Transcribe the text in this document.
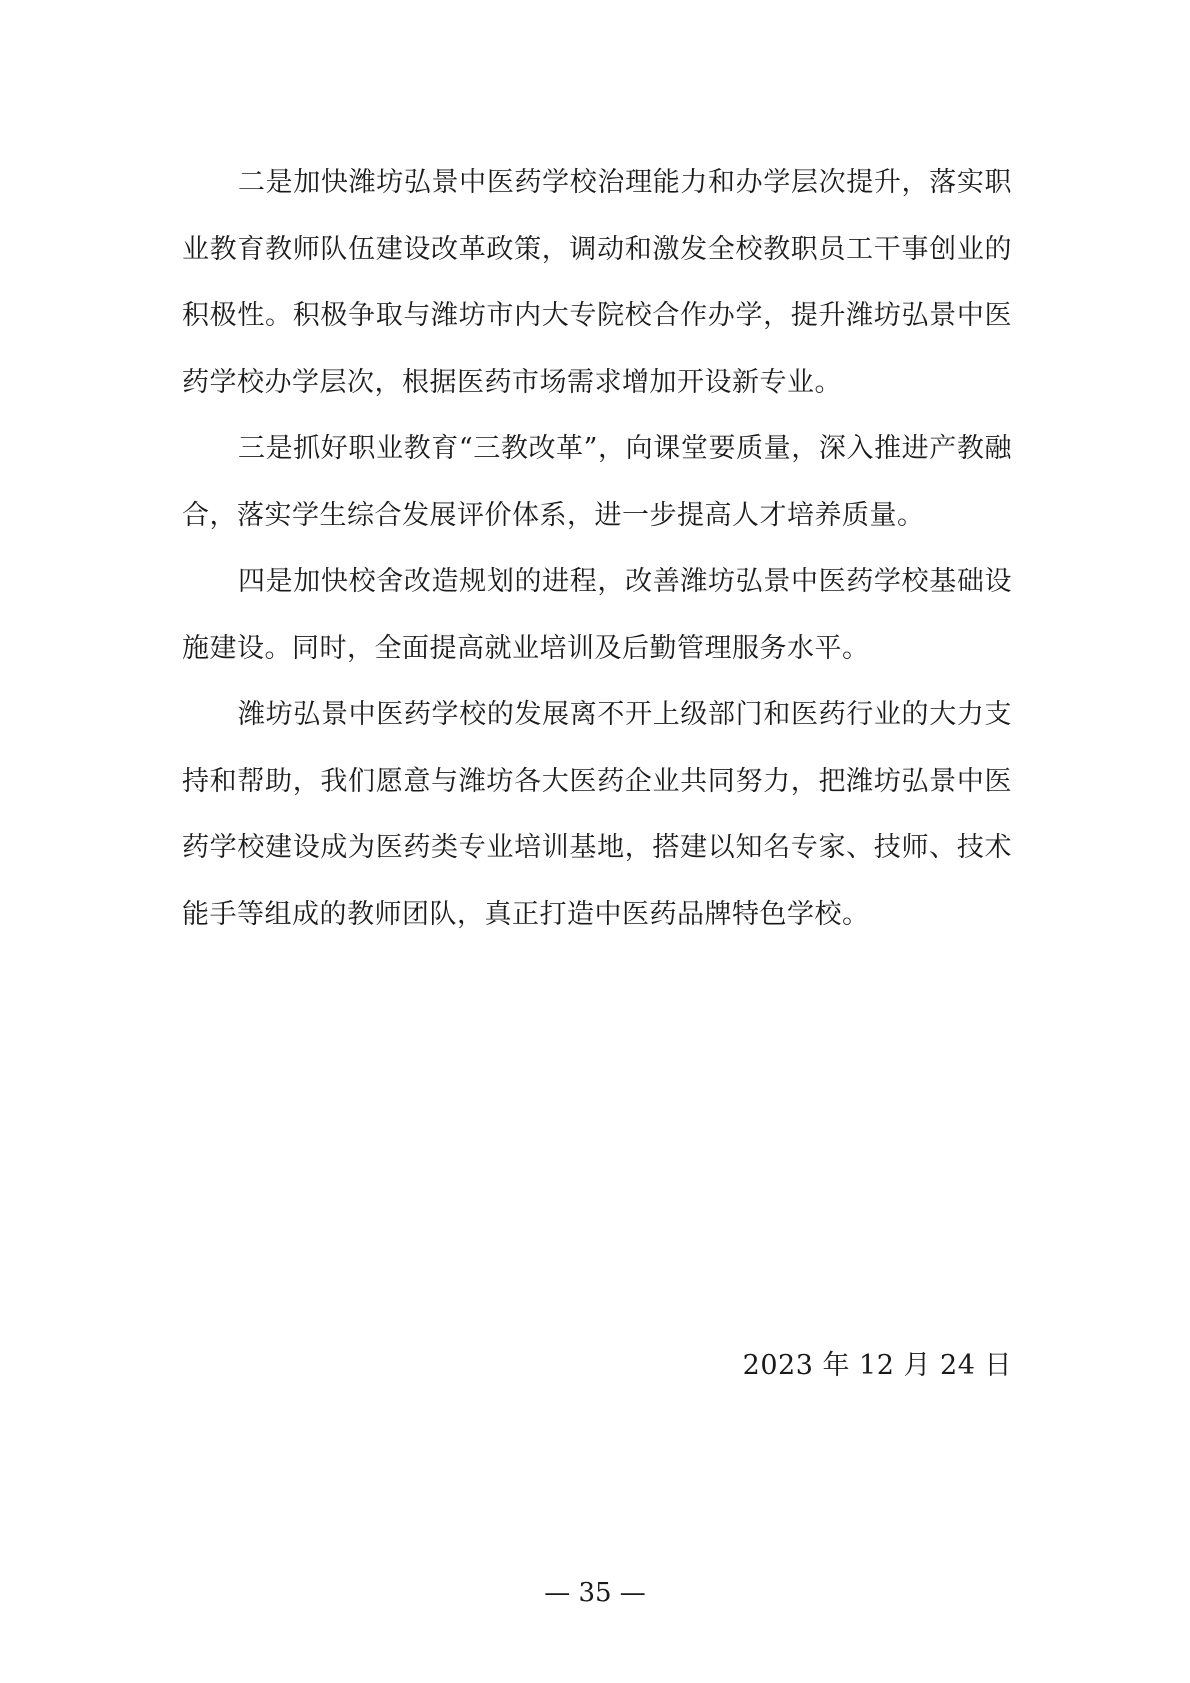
二是加快潍坊弘景中医药学校治理能力和办学层次提升，落实职业教育教师队伍建设改革政策，调动和激发全校教职员工干事创业的积极性。积极争取与潍坊市内大专院校合作办学，提升潍坊弘景中医药学校办学层次，根据医药市场需求增加开设新专业。

三是抓好职业教育“三教改革”，向课堂要质量，深入推进产教融合，落实学生综合发展评价体系，进一步提高人才培养质量。

四是加快校舍改造规划的进程，改善潍坊弘景中医药学校基础设施建设。同时，全面提高就业培训及后勤管理服务水平。

潍坊弘景中医药学校的发展离不开上级部门和医药行业的大力支持和帮助，我们愿意与潍坊各大医药企业共同努力，把潍坊弘景中医药学校建设成为医药类专业培训基地，搭建以知名专家、技师、技术能手等组成的教师团队，真正打造中医药品牌特色学校。

2023 年 12 月 24 日
— 35 —
